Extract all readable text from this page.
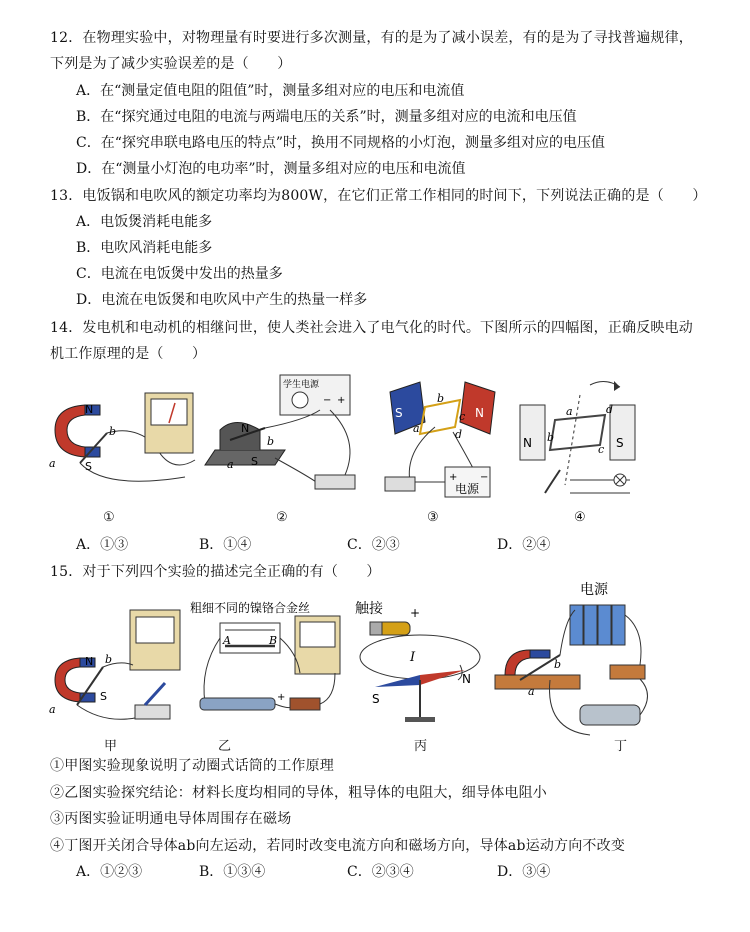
12．在物理实验中，对物理量有时要进行多次测量，有的是为了减小误差，有的是为了寻找普遍规律，
下列是为了减少实验误差的是（　　）
A．在“测量定值电阻的阻值”时，测量多组对应的电压和电流值
B．在“探究通过电阻的电流与两端电压的关系”时，测量多组对应的电流和电压值
C．在“探究串联电路电压的特点”时，换用不同规格的小灯泡，测量多组对应的电压值
D．在“测量小灯泡的电功率”时，测量多组对应的电压和电流值
13．电饭锅和电吹风的额定功率均为800W，在它们正常工作相同的时间下，下列说法正确的是（　　）
A．电饭煲消耗电能多
B．电吹风消耗电能多
C．电流在电饭煲中发出的热量多
D．电流在电饭煲和电吹风中产生的热量一样多
14．发电机和电动机的相继问世，使人类社会进入了电气化的时代。下图所示的四幅图，正确反映电动
机工作原理的是（　　）
N
S
a
b
①
学生电源
− +
N
S
a
b
②
S	N
a
b
c
d
+ −
电源
③
N	S
a
b
c
d
④
A．①③	B．①④	C．②③	D．②④
15．对于下列四个实验的描述完全正确的有（　　）
N
S
a
b
甲
粗细不同的镍铬合金丝
A	B
+
乙
触接 +
I
S
N
丙
电源
a
b
丁
①甲图实验现象说明了动圈式话筒的工作原理
②乙图实验探究结论：材料长度均相同的导体，粗导体的电阻大，细导体电阻小
③丙图实验证明通电导体周围存在磁场
④丁图开关闭合导体ab向左运动，若同时改变电流方向和磁场方向，导体ab运动方向不改变
A．①②③	B．①③④	C．②③④	D．③④
